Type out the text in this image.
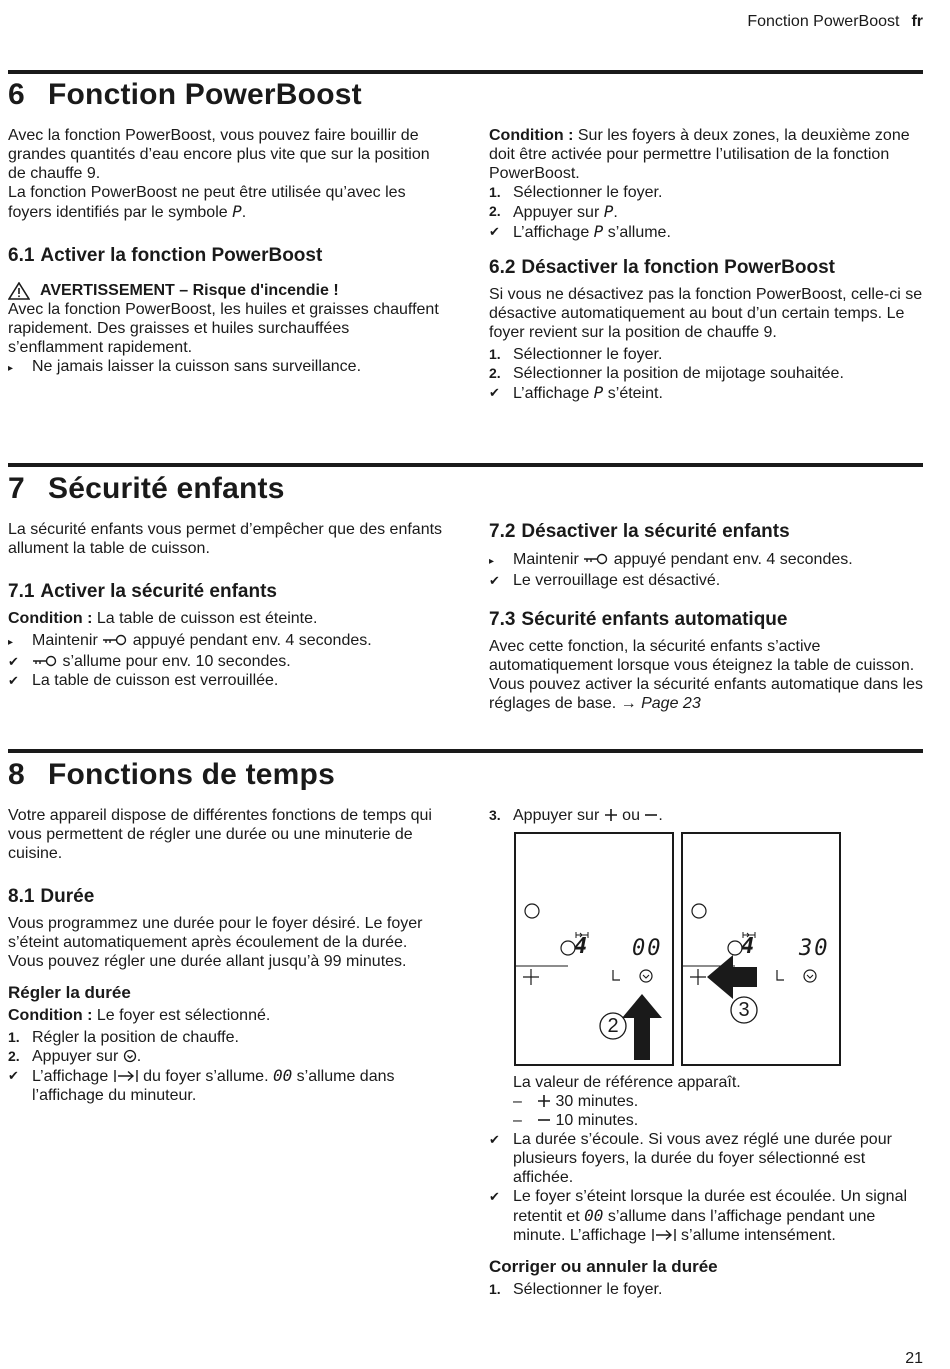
Fonction PowerBoost fr
6 Fonction PowerBoost

Avec la fonction PowerBoost, vous pouvez faire bouillir de grandes quantités d’eau encore plus vite que sur la position de chauffe 9.

La fonction PowerBoost ne peut être utilisée qu’avec les foyers identifiés par le symbole P.

6.1 Activer la fonction PowerBoost

AVERTISSEMENT – Risque d'incendie !

Avec la fonction PowerBoost, les huiles et graisses chauffent rapidement. Des graisses et huiles surchauffées s’enflamment rapidement.

▸	Ne jamais laisser la cuisson sans surveillance.

Condition : Sur les foyers à deux zones, la deuxième zone doit être activée pour permettre l’utilisation de la fonction PowerBoost.

1. Sélectionner le foyer.
2. Appuyer sur P.
✔ L’affichage P s’allume.

6.2 Désactiver la fonction PowerBoost

Si vous ne désactivez pas la fonction PowerBoost, celle-ci se désactive automatiquement au bout d’un certain temps. Le foyer revient sur la position de chauffe 9.

1. Sélectionner le foyer.
2. Sélectionner la position de mijotage souhaitée.
✔ L’affichage P s’éteint.
7 Sécurité enfants

La sécurité enfants vous permet d’empêcher que des enfants allument la table de cuisson.

7.1 Activer la sécurité enfants

Condition : La table de cuisson est éteinte.

▸	Maintenir  appuyé pendant env. 4 secondes.
✔	s’allume pour env. 10 secondes.
✔ La table de cuisson est verrouillée.

7.2 Désactiver la sécurité enfants

▸	Maintenir  appuyé pendant env. 4 secondes.
✔ Le verrouillage est désactivé.

7.3 Sécurité enfants automatique

Avec cette fonction, la sécurité enfants s’active automatiquement lorsque vous éteignez la table de cuisson. Vous pouvez activer la sécurité enfants automatique dans les réglages de base. → Page 23

8 Fonctions de temps

Votre appareil dispose de différentes fonctions de temps qui vous permettent de régler une durée ou une minuterie de cuisine.

8.1 Durée

Vous programmez une durée pour le foyer désiré. Le foyer s’éteint automatiquement après écoulement de la durée.

Vous pouvez régler une durée allant jusqu’à 99 minutes.

Régler la durée

Condition : Le foyer est sélectionné.

1. Régler la position de chauffe.
2. Appuyer sur .
✔ L’affichage  du foyer s’allume. 00 s’allume dans l’affichage du minuteur.
3. Appuyer sur  ou .
4 00
2
4 30
3

La valeur de référence apparaît.

–	30 minutes.
–	10 minutes.
✔ La durée s’écoule. Si vous avez réglé une durée pour plusieurs foyers, la durée du foyer sélectionné est affichée.
✔ Le foyer s’éteint lorsque la durée est écoulée. Un signal retentit et 00 s’allume dans l’affichage pendant une minute. L’affichage  s’allume intensément.

Corriger ou annuler la durée

1. Sélectionner le foyer.
21
